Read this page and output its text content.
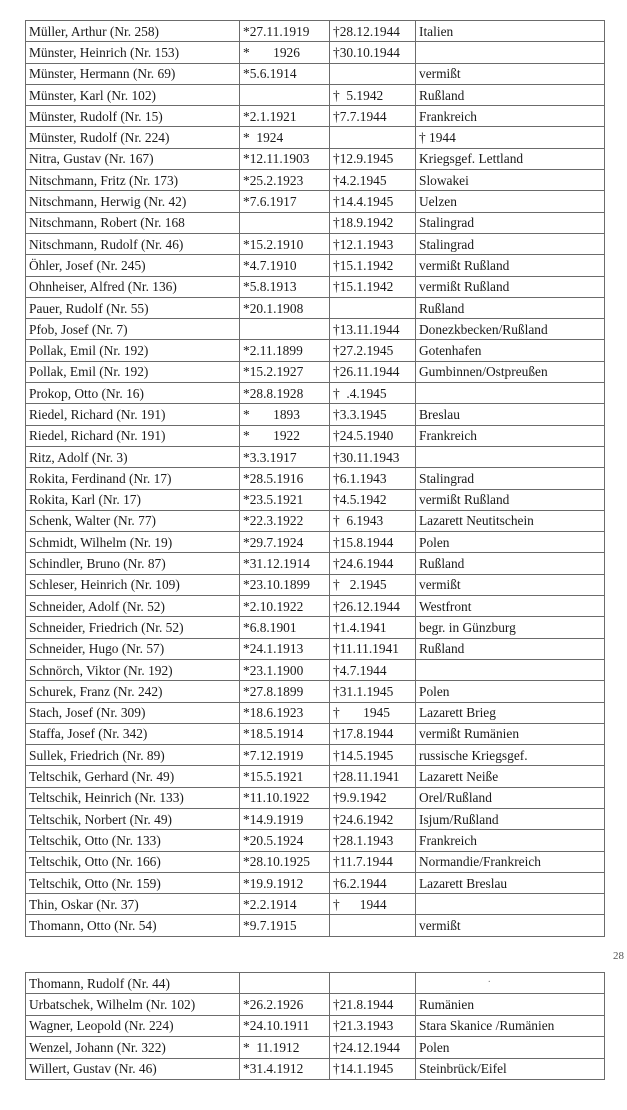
Müller, Arthur (Nr. 258)	*27.11.1919	†28.12.1944	Italien
Münster, Heinrich (Nr. 153)	*       1926	†30.10.1944	
Münster, Hermann (Nr. 69)	*5.6.1914		vermißt
Münster, Karl (Nr. 102)		†  5.1942	Rußland
Münster, Rudolf (Nr. 15)	*2.1.1921	†7.7.1944	Frankreich
Münster, Rudolf (Nr. 224)	*  1924		† 1944
Nitra, Gustav (Nr. 167)	*12.11.1903	†12.9.1945	Kriegsgef. Lettland
Nitschmann, Fritz (Nr. 173)	*25.2.1923	†4.2.1945	Slowakei
Nitschmann, Herwig (Nr. 42)	*7.6.1917	†14.4.1945	Uelzen
Nitschmann, Robert (Nr. 168		†18.9.1942	Stalingrad
Nitschmann, Rudolf (Nr. 46)	*15.2.1910	†12.1.1943	Stalingrad
Öhler, Josef (Nr. 245)	*4.7.1910	†15.1.1942	vermißt Rußland
Ohnheiser, Alfred (Nr. 136)	*5.8.1913	†15.1.1942	vermißt Rußland
Pauer, Rudolf (Nr. 55)	*20.1.1908		Rußland
Pfob, Josef (Nr. 7)		†13.11.1944	Donezkbecken/Rußland
Pollak, Emil (Nr. 192)	*2.11.1899	†27.2.1945	Gotenhafen
Pollak, Emil (Nr. 192)	*15.2.1927	†26.11.1944	Gumbinnen/Ostpreußen
Prokop, Otto (Nr. 16)	*28.8.1928	†  .4.1945	
Riedel, Richard (Nr. 191)	*       1893	†3.3.1945	Breslau
Riedel, Richard (Nr. 191)	*       1922	†24.5.1940	Frankreich
Ritz, Adolf (Nr. 3)	*3.3.1917	†30.11.1943	
Rokita, Ferdinand (Nr. 17)	*28.5.1916	†6.1.1943	Stalingrad
Rokita, Karl (Nr. 17)	*23.5.1921	†4.5.1942	vermißt Rußland
Schenk, Walter (Nr. 77)	*22.3.1922	†  6.1943	Lazarett Neutitschein
Schmidt, Wilhelm (Nr. 19)	*29.7.1924	†15.8.1944	Polen
Schindler, Bruno (Nr. 87)	*31.12.1914	†24.6.1944	Rußland
Schleser, Heinrich (Nr. 109)	*23.10.1899	†   2.1945	vermißt
Schneider, Adolf (Nr. 52)	*2.10.1922	†26.12.1944	Westfront
Schneider, Friedrich (Nr. 52)	*6.8.1901	†1.4.1941	begr. in Günzburg
Schneider, Hugo (Nr. 57)	*24.1.1913	†11.11.1941	Rußland
Schnörch, Viktor (Nr. 192)	*23.1.1900	†4.7.1944	
Schurek, Franz (Nr. 242)	*27.8.1899	†31.1.1945	Polen
Stach, Josef (Nr. 309)	*18.6.1923	†       1945	Lazarett Brieg
Staffa, Josef (Nr. 342)	*18.5.1914	†17.8.1944	vermißt Rumänien
Sullek, Friedrich (Nr. 89)	*7.12.1919	†14.5.1945	russische Kriegsgef.
Teltschik, Gerhard (Nr. 49)	*15.5.1921	†28.11.1941	Lazarett Neiße
Teltschik, Heinrich (Nr. 133)	*11.10.1922	†9.9.1942	Orel/Rußland
Teltschik, Norbert (Nr. 49)	*14.9.1919	†24.6.1942	Isjum/Rußland
Teltschik, Otto (Nr. 133)	*20.5.1924	†28.1.1943	Frankreich
Teltschik, Otto (Nr. 166)	*28.10.1925	†11.7.1944	Normandie/Frankreich
Teltschik, Otto (Nr. 159)	*19.9.1912	†6.2.1944	Lazarett Breslau
Thin, Oskar (Nr. 37)	*2.2.1914	†      1944	
Thomann, Otto (Nr. 54)	*9.7.1915		vermißt
28
.
Thomann, Rudolf (Nr. 44)			
Urbatschek, Wilhelm (Nr. 102)	*26.2.1926	†21.8.1944	Rumänien
Wagner, Leopold (Nr. 224)	*24.10.1911	†21.3.1943	Stara Skanice /Rumänien
Wenzel, Johann (Nr. 322)	*  11.1912	†24.12.1944	Polen
Willert, Gustav (Nr. 46)	*31.4.1912	†14.1.1945	Steinbrück/Eifel
